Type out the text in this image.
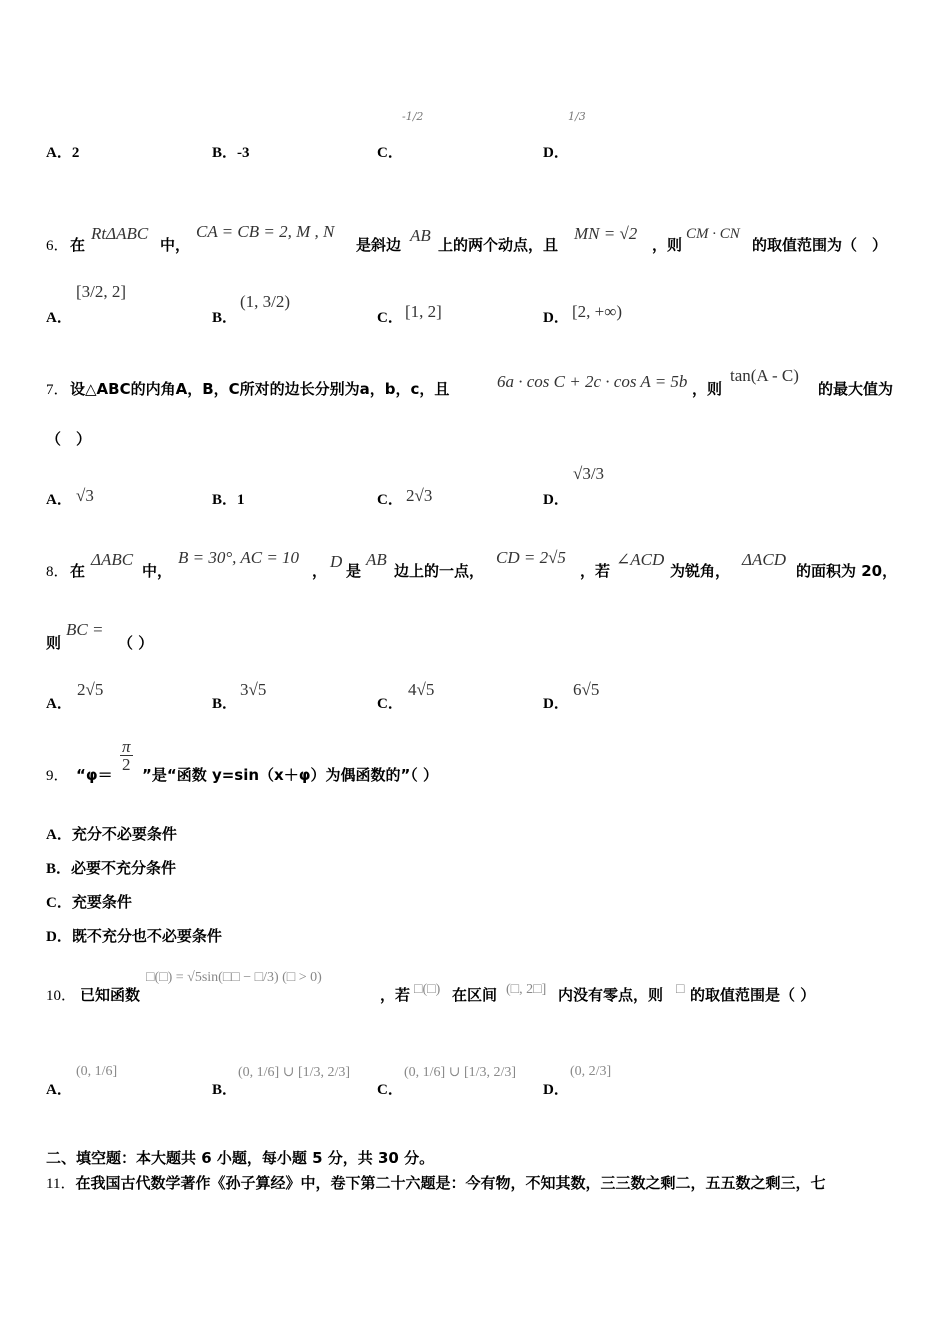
A．2	B．-3	C．
-1/2
D．
1/3
6． 在
RtΔABC
中，
CA = CB = 2, M , N
是斜边 AB 上的两个动点，且
MN = √2
，则
CM · CN
的取值范围为（　）
A．
[3/2, 2]
B．
(1, 3/2)
C． [1, 2]	D． [2, +∞)
7． 设△ABC的内角A，B，C所对的边长分别为a，b，c，且	6a · cos C + 2c · cos A = 5b ，则
tan(A - C)
的最大值为
（　）
A． √3	B．1	C． 2√3	D．
√3/3
8． 在
ΔABC
中，
B = 30°, AC = 10
， D 是
AB
边上的一点，
CD = 2√5
，若
∠ACD
为锐角，
ΔACD
的面积为 20，
则
BC =
（ ）
A．
2√5
B．
3√5
C．
4√5
D．
6√5
9． “φ＝
$\frac{\pi}{2}$
”是“函数 y=sin（x＋φ）为偶函数的”（ ）
A．充分不必要条件
B．必要不充分条件
C．充要条件
D．既不充分也不必要条件
10． 已知函数
□(□) = √5sin(□□ − □/3) (□ > 0)
，若 □(□) 在区间 (□, 2□] 内没有零点，则 □ 的取值范围是（ ）
A．
(0, 1/6]
B．
(0, 1/6] ∪ [1/3, 2/3]
C．
(0, 1/6] ∪ [1/3, 2/3]
D．
(0, 2/3]
二、填空题：本大题共 6 小题，每小题 5 分，共 30 分。
11．在我国古代数学著作《孙子算经》中，卷下第二十六题是：今有物，不知其数，三三数之剩二，五五数之剩三，七
